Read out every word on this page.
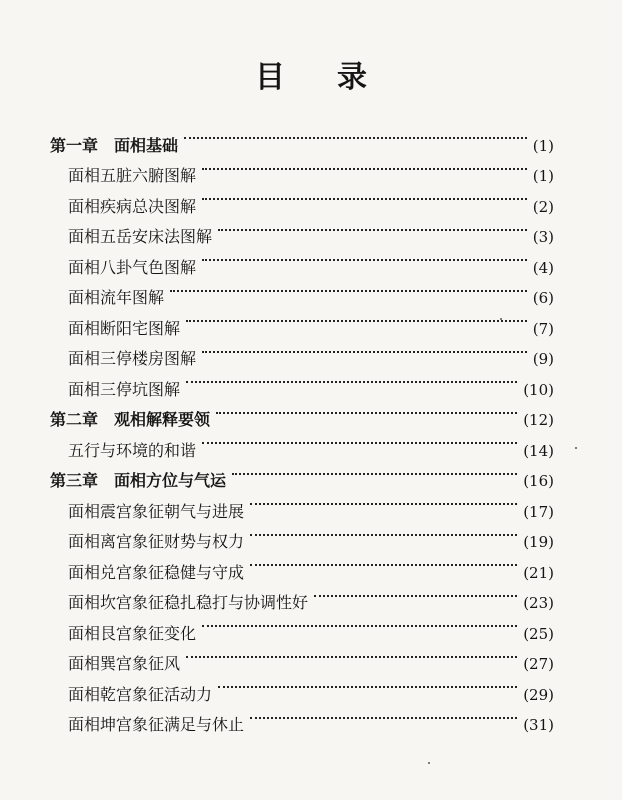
目 录
第一章 面相基础	(1)
面相五脏六腑图解	(1)
面相疾病总决图解	(2)
面相五岳安床法图解	(3)
面相八卦气色图解	(4)
面相流年图解	(6)
面相断阳宅图解	(7)
面相三停楼房图解	(9)
面相三停坑图解	(10)
第二章 观相解释要领	(12)
五行与环境的和谐	(14)
第三章 面相方位与气运	(16)
面相震宫象征朝气与进展	(17)
面相离宫象征财势与权力	(19)
面相兑宫象征稳健与守成	(21)
面相坎宫象征稳扎稳打与协调性好	(23)
面相艮宫象征变化	(25)
面相巽宫象征风	(27)
面相乾宫象征活动力	(29)
面相坤宫象征满足与休止	(31)
